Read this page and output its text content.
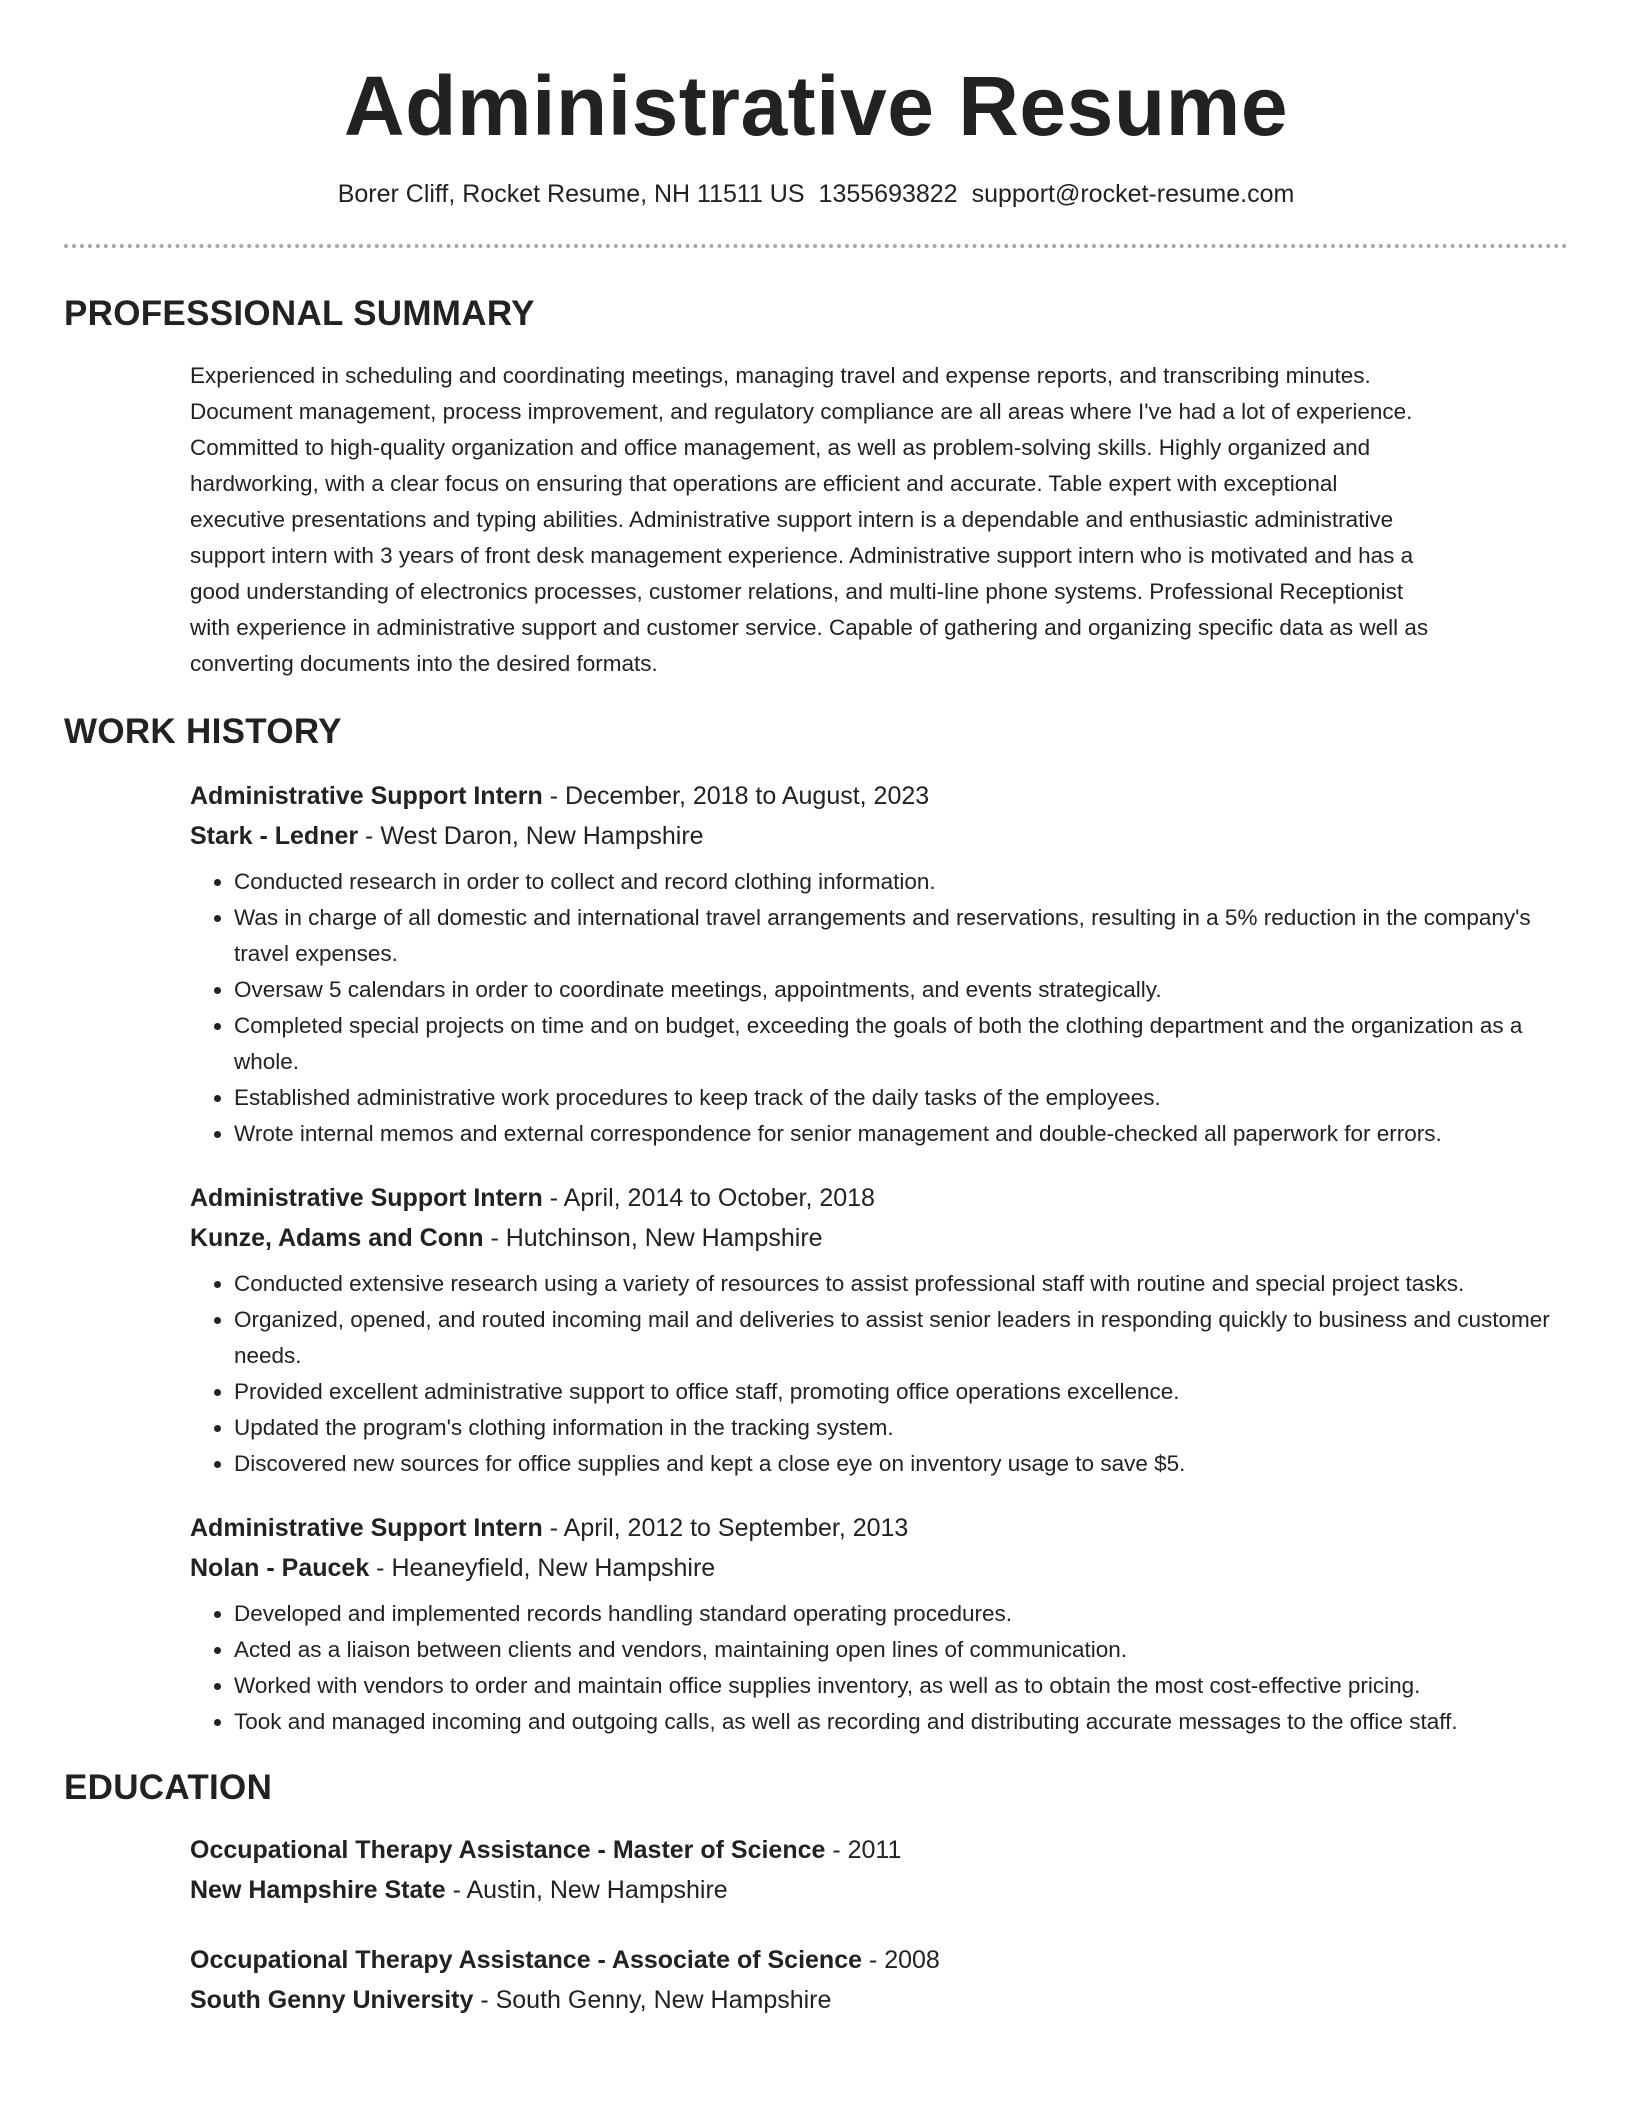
Administrative Resume
Borer Cliff, Rocket Resume, NH 11511 US 1355693822 support@rocket-resume.com
PROFESSIONAL SUMMARY
Experienced in scheduling and coordinating meetings, managing travel and expense reports, and transcribing minutes.
Document management, process improvement, and regulatory compliance are all areas where I've had a lot of experience.
Committed to high-quality organization and office management, as well as problem-solving skills. Highly organized and
hardworking, with a clear focus on ensuring that operations are efficient and accurate. Table expert with exceptional
executive presentations and typing abilities. Administrative support intern is a dependable and enthusiastic administrative
support intern with 3 years of front desk management experience. Administrative support intern who is motivated and has a
good understanding of electronics processes, customer relations, and multi-line phone systems. Professional Receptionist
with experience in administrative support and customer service. Capable of gathering and organizing specific data as well as
converting documents into the desired formats.
WORK HISTORY
Administrative Support Intern - December, 2018 to August, 2023
Stark - Ledner - West Daron, New Hampshire
• Conducted research in order to collect and record clothing information.
• Was in charge of all domestic and international travel arrangements and reservations, resulting in a 5% reduction in the company's travel expenses.
• Oversaw 5 calendars in order to coordinate meetings, appointments, and events strategically.
• Completed special projects on time and on budget, exceeding the goals of both the clothing department and the organization as a whole.
• Established administrative work procedures to keep track of the daily tasks of the employees.
• Wrote internal memos and external correspondence for senior management and double-checked all paperwork for errors.
Administrative Support Intern - April, 2014 to October, 2018
Kunze, Adams and Conn - Hutchinson, New Hampshire
• Conducted extensive research using a variety of resources to assist professional staff with routine and special project tasks.
• Organized, opened, and routed incoming mail and deliveries to assist senior leaders in responding quickly to business and customer needs.
• Provided excellent administrative support to office staff, promoting office operations excellence.
• Updated the program's clothing information in the tracking system.
• Discovered new sources for office supplies and kept a close eye on inventory usage to save $5.
Administrative Support Intern - April, 2012 to September, 2013
Nolan - Paucek - Heaneyfield, New Hampshire
• Developed and implemented records handling standard operating procedures.
• Acted as a liaison between clients and vendors, maintaining open lines of communication.
• Worked with vendors to order and maintain office supplies inventory, as well as to obtain the most cost-effective pricing.
• Took and managed incoming and outgoing calls, as well as recording and distributing accurate messages to the office staff.
EDUCATION
Occupational Therapy Assistance - Master of Science - 2011
New Hampshire State - Austin, New Hampshire
Occupational Therapy Assistance - Associate of Science - 2008
South Genny University - South Genny, New Hampshire
